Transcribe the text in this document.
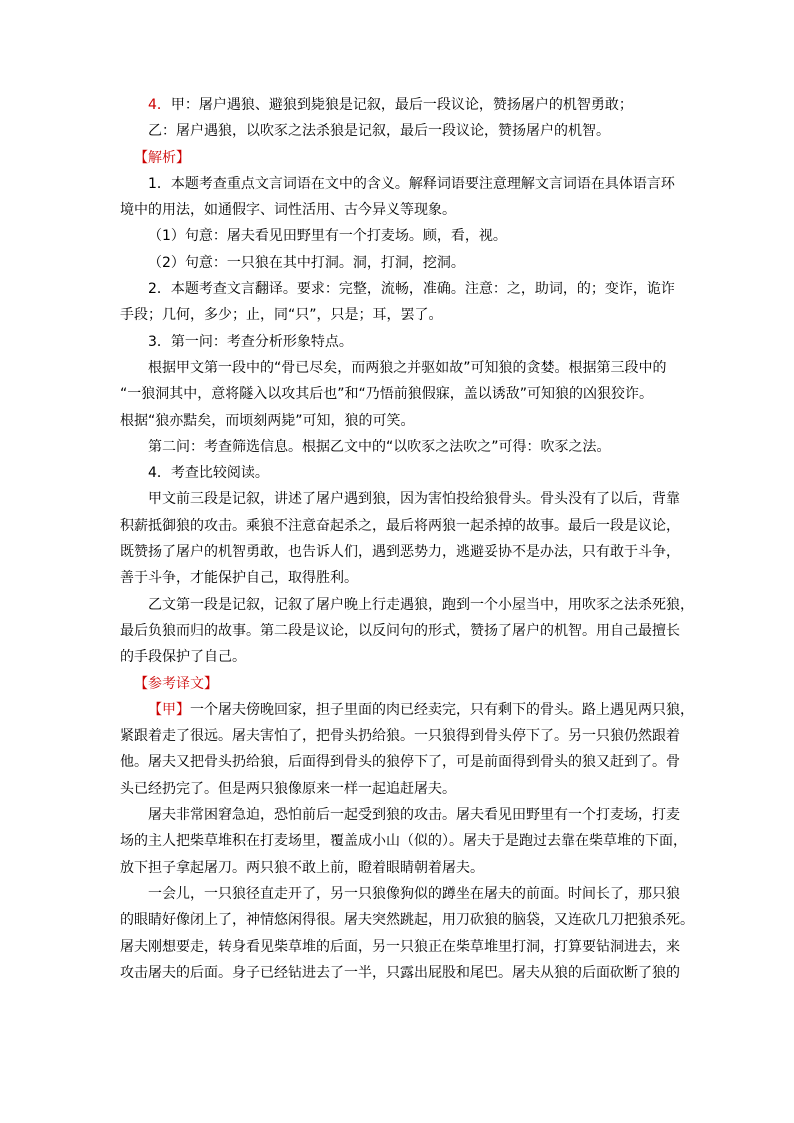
4．甲：屠户遇狼、避狼到毙狼是记叙，最后一段议论，赞扬屠户的机智勇敢；
乙：屠户遇狼，以吹豕之法杀狼是记叙，最后一段议论，赞扬屠户的机智。
【解析】
1．本题考查重点文言词语在文中的含义。解释词语要注意理解文言词语在具体语言环
境中的用法，如通假字、词性活用、古今异义等现象。
（1）句意：屠夫看见田野里有一个打麦场。顾，看，视。
（2）句意：一只狼在其中打洞。洞，打洞，挖洞。
2．本题考查文言翻译。要求：完整，流畅，准确。注意：之，助词，的；变诈，诡诈
手段；几何，多少；止，同“只”，只是；耳，罢了。
3．第一问：考查分析形象特点。
根据甲文第一段中的“骨已尽矣，而两狼之并驱如故”可知狼的贪婪。根据第三段中的
“一狼洞其中，意将隧入以攻其后也”和“乃悟前狼假寐，盖以诱敌”可知狼的凶狠狡诈。
根据“狼亦黠矣，而顷刻两毙”可知，狼的可笑。
第二问：考查筛选信息。根据乙文中的“以吹豕之法吹之”可得：吹豕之法。
4．考查比较阅读。
甲文前三段是记叙，讲述了屠户遇到狼，因为害怕投给狼骨头。骨头没有了以后，背靠
积薪抵御狼的攻击。乘狼不注意奋起杀之，最后将两狼一起杀掉的故事。最后一段是议论，
既赞扬了屠户的机智勇敢，也告诉人们，遇到恶势力，逃避妥协不是办法，只有敢于斗争，
善于斗争，才能保护自己，取得胜利。
乙文第一段是记叙，记叙了屠户晚上行走遇狼，跑到一个小屋当中，用吹豕之法杀死狼，
最后负狼而归的故事。第二段是议论，以反问句的形式，赞扬了屠户的机智。用自己最擅长
的手段保护了自己。
【参考译文】
【甲】一个屠夫傍晚回家，担子里面的肉已经卖完，只有剩下的骨头。路上遇见两只狼，
紧跟着走了很远。屠夫害怕了，把骨头扔给狼。一只狼得到骨头停下了。另一只狼仍然跟着
他。屠夫又把骨头扔给狼，后面得到骨头的狼停下了，可是前面得到骨头的狼又赶到了。骨
头已经扔完了。但是两只狼像原来一样一起追赶屠夫。
屠夫非常困窘急迫，恐怕前后一起受到狼的攻击。屠夫看见田野里有一个打麦场，打麦
场的主人把柴草堆积在打麦场里，覆盖成小山（似的）。屠夫于是跑过去靠在柴草堆的下面，
放下担子拿起屠刀。两只狼不敢上前，瞪着眼睛朝着屠夫。
一会儿，一只狼径直走开了，另一只狼像狗似的蹲坐在屠夫的前面。时间长了，那只狼
的眼睛好像闭上了，神情悠闲得很。屠夫突然跳起，用刀砍狼的脑袋，又连砍几刀把狼杀死。
屠夫刚想要走，转身看见柴草堆的后面，另一只狼正在柴草堆里打洞，打算要钻洞进去，来
攻击屠夫的后面。身子已经钻进去了一半，只露出屁股和尾巴。屠夫从狼的后面砍断了狼的
